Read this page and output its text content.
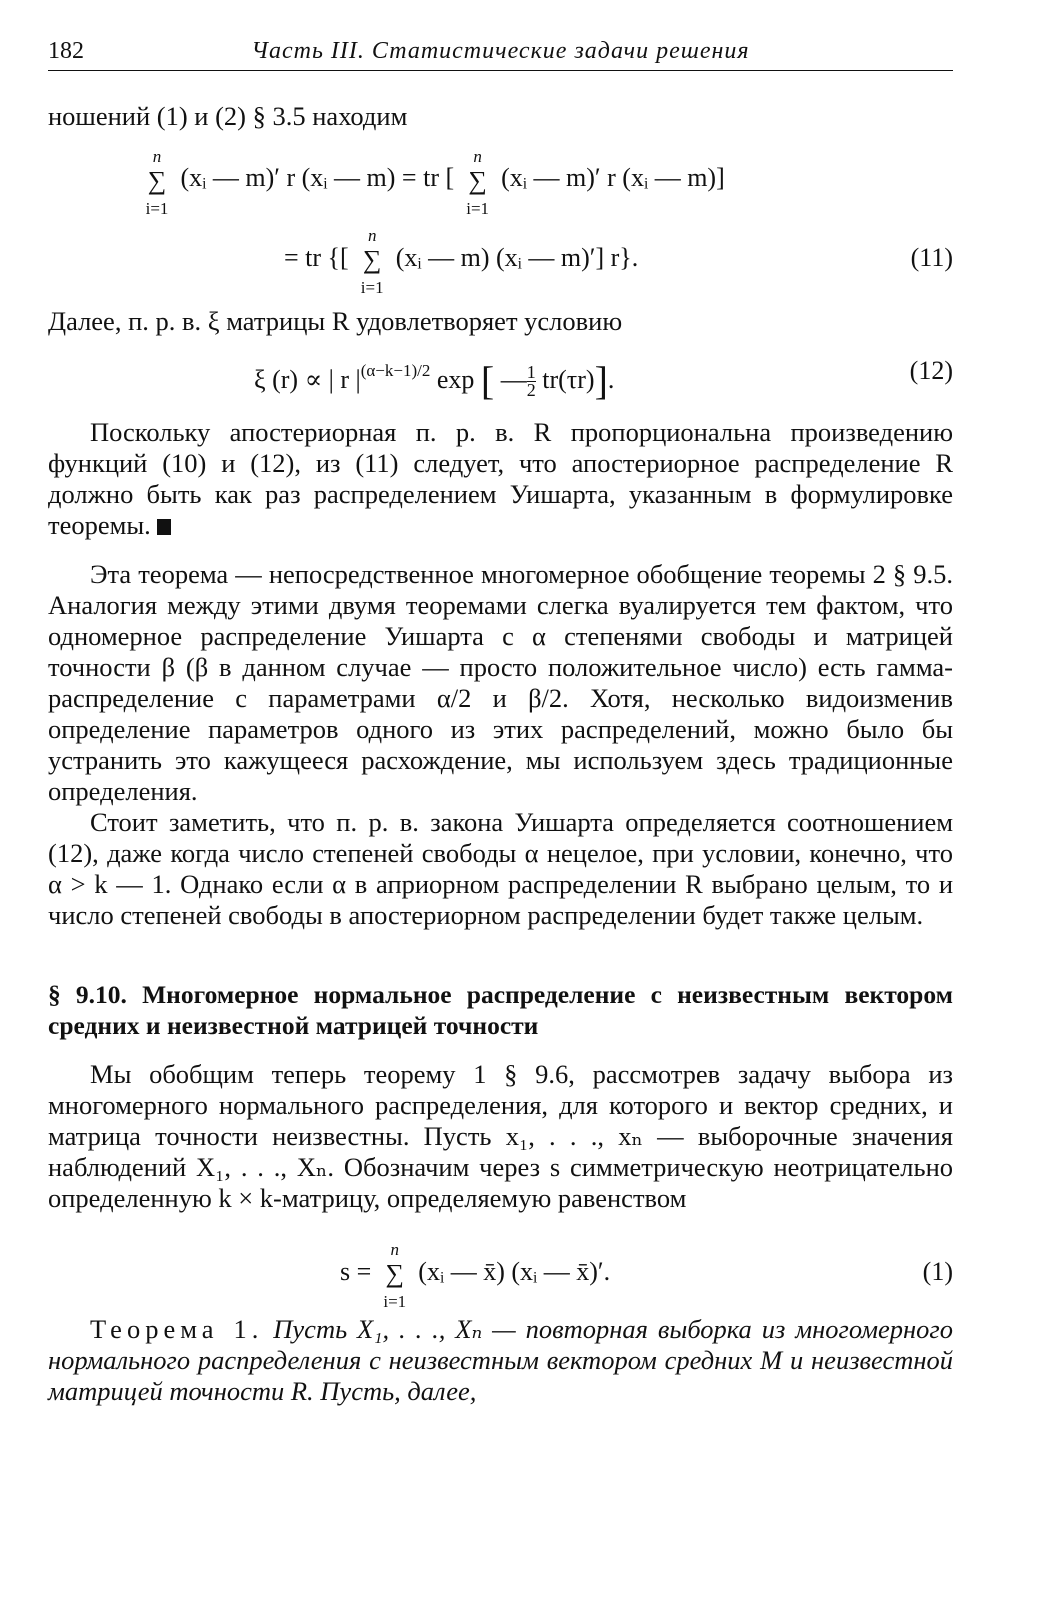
182	Часть III. Статистические задачи решения

ношений (1) и (2) § 3.5 находим

n
∑
i=1
(xᵢ — m)′ r (xᵢ — m) = tr [
n
∑
i=1
(xᵢ — m)′ r (xᵢ — m)]
= tr {[
n
∑
i=1
(xᵢ — m) (xᵢ — m)′] r}.	(11)

Далее, п. р. в. ξ матрицы R удовлетворяет условию

ξ (r) ∝ | r $|^{(\alpha-k-1)/2}$ exp [ — $\frac{1}{2} tr(\tau r)$].	(12)

Поскольку апостериорная п. р. в. R пропорциональна произведению функций (10) и (12), из (11) следует, что апостериорное распределение R должно быть как раз распределением Уишарта, указанным в формулировке теоремы.

Эта теорема — непосредственное многомерное обобщение теоремы 2 § 9.5. Аналогия между этими двумя теоремами слегка вуалируется тем фактом, что одномерное распределение Уишарта с α степенями свободы и матрицей точности β (β в данном случае — просто положительное число) есть гамма-распределение с параметрами α/2 и β/2. Хотя, несколько видоизменив определение параметров одного из этих распределений, можно было бы устранить это кажущееся расхождение, мы используем здесь традиционные определения.

Стоит заметить, что п. р. в. закона Уишарта определяется соотношением (12), даже когда число степеней свободы α нецелое, при условии, конечно, что α > k — 1. Однако если α в априорном распределении R выбрано целым, то и число степеней свободы в апостериорном распределении будет также целым.

§ 9.10. Многомерное нормальное распределение с неизвестным вектором средних и неизвестной матрицей точности

Мы обобщим теперь теорему 1 § 9.6, рассмотрев задачу выбора из многомерного нормального распределения, для которого и вектор средних, и матрица точности неизвестны. Пусть x₁, . . ., xₙ — выборочные значения наблюдений X₁, . . ., Xₙ. Обозначим через s симметрическую неотрицательно определенную k × k-матрицу, определяемую равенством

s =
n
∑
i=1
(xᵢ — x̄) (xᵢ — x̄)′.	(1)

Теорема 1. Пусть X₁, . . ., Xₙ — повторная выборка из многомерного нормального распределения с неизвестным вектором средних M и неизвестной матрицей точности R. Пусть, далее,
